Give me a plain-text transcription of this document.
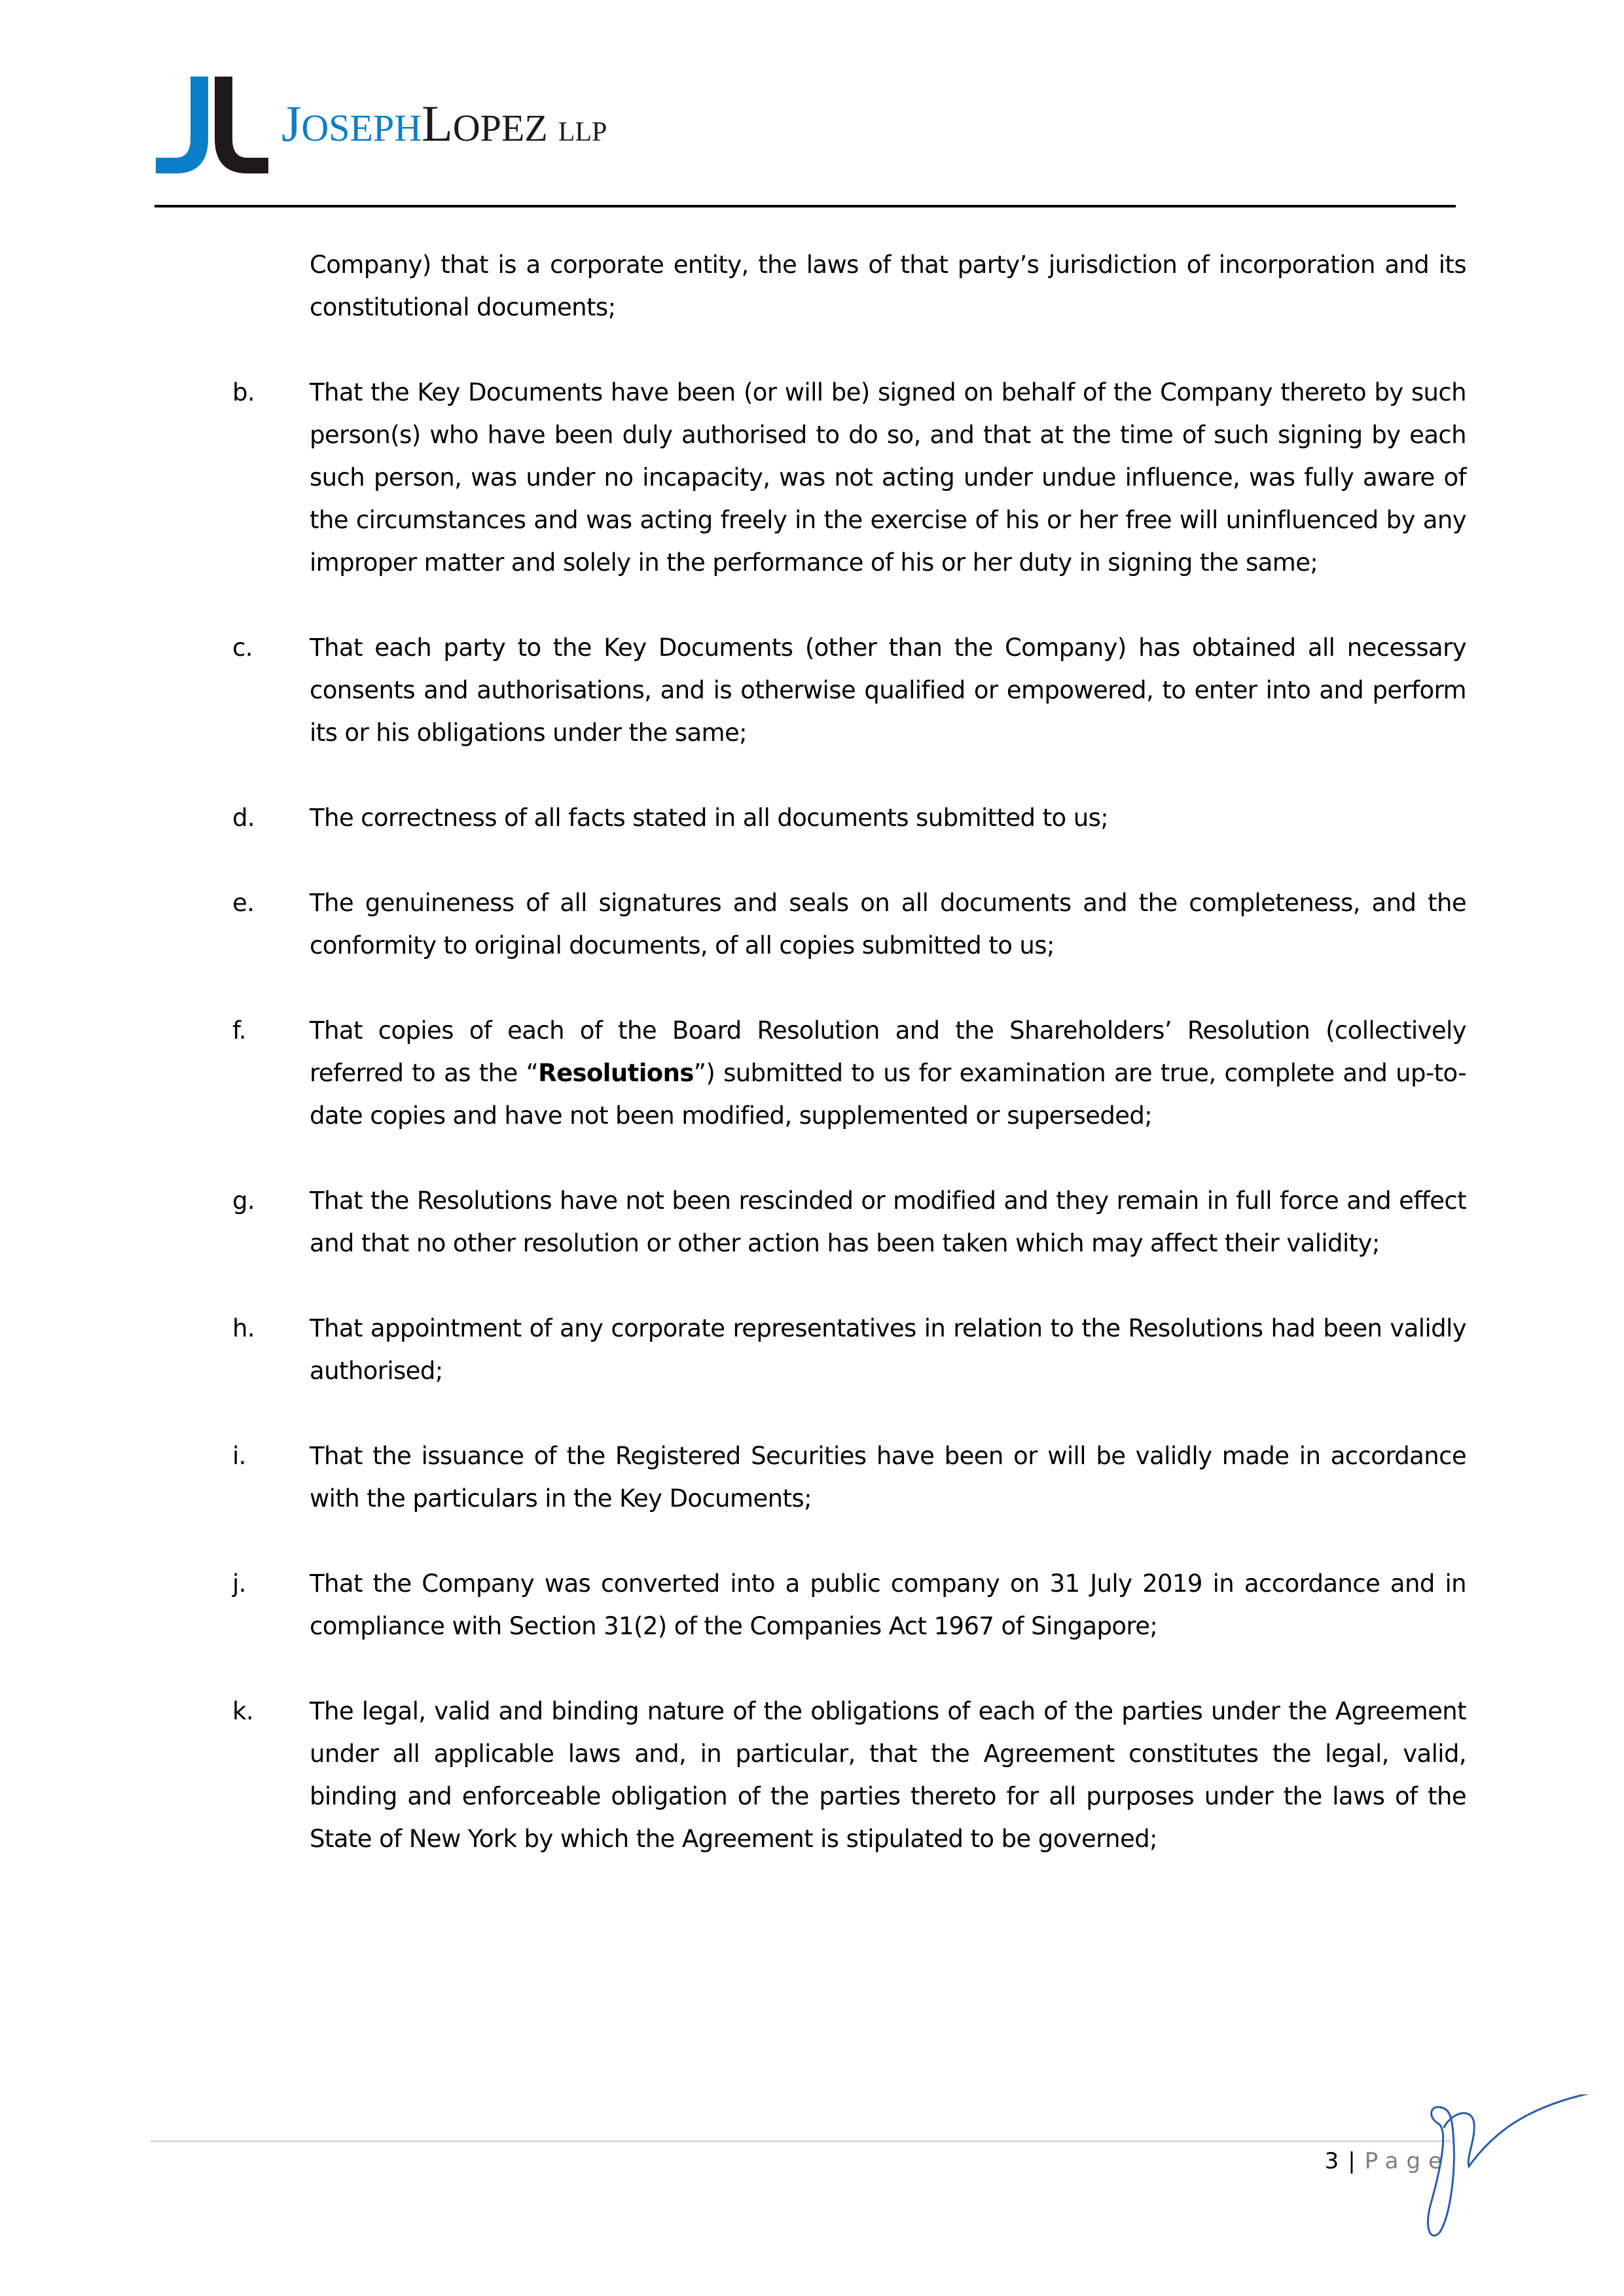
JOSEPHLOPEZ LLP
Company) that is a corporate entity, the laws of that party’s jurisdiction of incorporation and its constitutional documents;
b.	That the Key Documents have been (or will be) signed on behalf of the Company thereto by such person(s) who have been duly authorised to do so, and that at the time of such signing by each such person, was under no incapacity, was not acting under undue influence, was fully aware of the circumstances and was acting freely in the exercise of his or her free will uninfluenced by any improper matter and solely in the performance of his or her duty in signing the same;
c.	That each party to the Key Documents (other than the Company) has obtained all necessary consents and authorisations, and is otherwise qualified or empowered, to enter into and perform its or his obligations under the same;
d.	The correctness of all facts stated in all documents submitted to us;
e.	The genuineness of all signatures and seals on all documents and the completeness, and the conformity to original documents, of all copies submitted to us;
f.	That copies of each of the Board Resolution and the Shareholders’ Resolution (collectively referred to as the “Resolutions”) submitted to us for examination are true, complete and up-to-date copies and have not been modified, supplemented or superseded;
g.	That the Resolutions have not been rescinded or modified and they remain in full force and effect and that no other resolution or other action has been taken which may affect their validity;
h.	That appointment of any corporate representatives in relation to the Resolutions had been validly authorised;
i.	That the issuance of the Registered Securities have been or will be validly made in accordance with the particulars in the Key Documents;
j.	That the Company was converted into a public company on 31 July 2019 in accordance and in compliance with Section 31(2) of the Companies Act 1967 of Singapore;
k.	The legal, valid and binding nature of the obligations of each of the parties under the Agreement under all applicable laws and, in particular, that the Agreement constitutes the legal, valid, binding and enforceable obligation of the parties thereto for all purposes under the laws of the State of New York by which the Agreement is stipulated to be governed;
3 | Page
